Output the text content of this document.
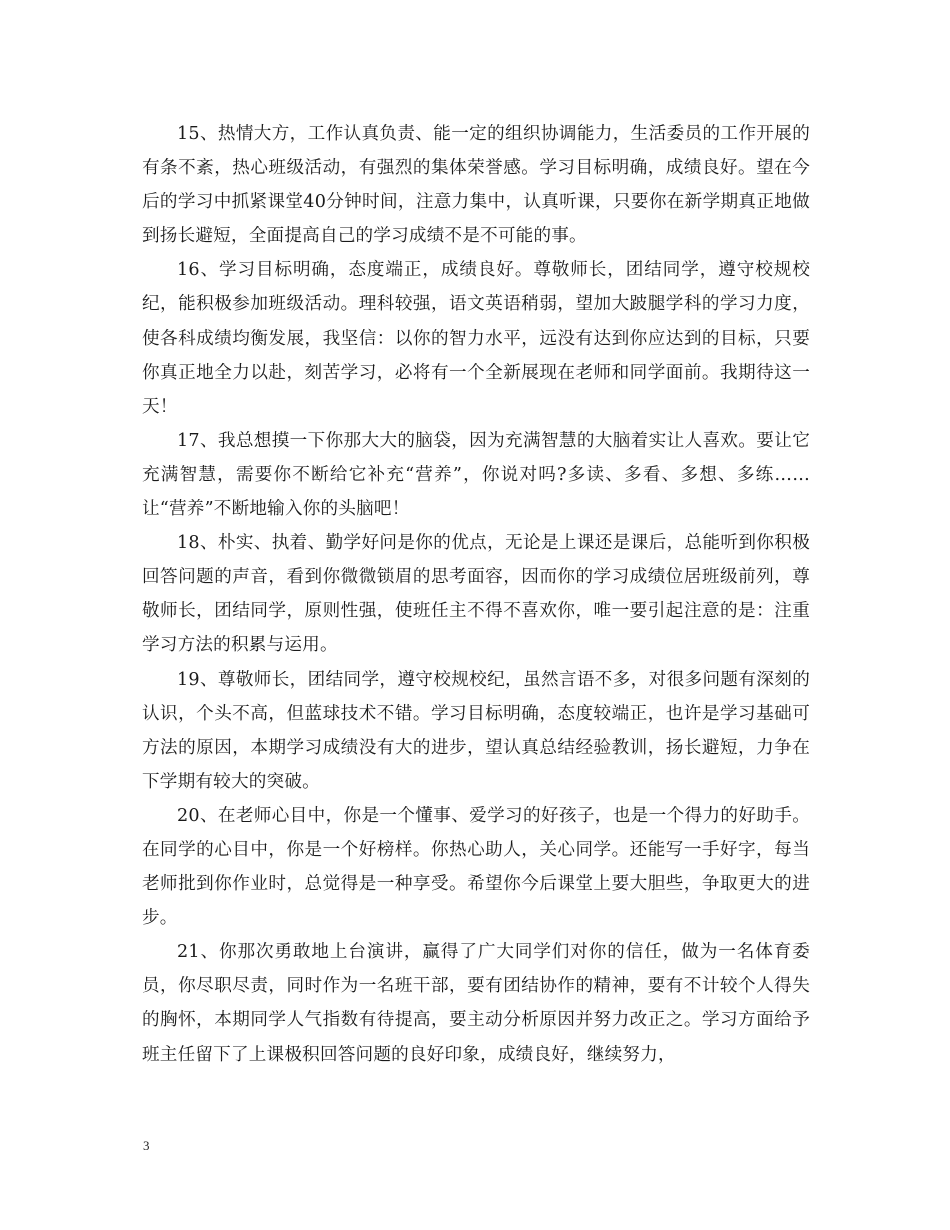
15、热情大方，工作认真负责、能一定的组织协调能力，生活委员的工作开展的有条不紊，热心班级活动，有强烈的集体荣誉感。学习目标明确，成绩良好。望在今后的学习中抓紧课堂40分钟时间，注意力集中，认真听课，只要你在新学期真正地做到扬长避短，全面提高自己的学习成绩不是不可能的事。

16、学习目标明确，态度端正，成绩良好。尊敬师长，团结同学，遵守校规校纪，能积极参加班级活动。理科较强，语文英语稍弱，望加大跛腿学科的学习力度，使各科成绩均衡发展，我坚信：以你的智力水平，远没有达到你应达到的目标，只要你真正地全力以赴，刻苦学习，必将有一个全新展现在老师和同学面前。我期待这一天！

17、我总想摸一下你那大大的脑袋，因为充满智慧的大脑着实让人喜欢。要让它充满智慧，需要你不断给它补充“营养”，你说对吗?多读、多看、多想、多练……让“营养”不断地输入你的头脑吧！

18、朴实、执着、勤学好问是你的优点，无论是上课还是课后，总能听到你积极回答问题的声音，看到你微微锁眉的思考面容，因而你的学习成绩位居班级前列，尊敬师长，团结同学，原则性强，使班任主不得不喜欢你，唯一要引起注意的是：注重学习方法的积累与运用。

19、尊敬师长，团结同学，遵守校规校纪，虽然言语不多，对很多问题有深刻的认识，个头不高，但蓝球技术不错。学习目标明确，态度较端正，也许是学习基础可方法的原因，本期学习成绩没有大的进步，望认真总结经验教训，扬长避短，力争在下学期有较大的突破。

20、在老师心目中，你是一个懂事、爱学习的好孩子，也是一个得力的好助手。在同学的心目中，你是一个好榜样。你热心助人，关心同学。还能写一手好字，每当老师批到你作业时，总觉得是一种享受。希望你今后课堂上要大胆些，争取更大的进步。

21、你那次勇敢地上台演讲，赢得了广大同学们对你的信任，做为一名体育委员，你尽职尽责，同时作为一名班干部，要有团结协作的精神，要有不计较个人得失的胸怀，本期同学人气指数有待提高，要主动分析原因并努力改正之。学习方面给予班主任留下了上课极积回答问题的良好印象，成绩良好，继续努力，

3
